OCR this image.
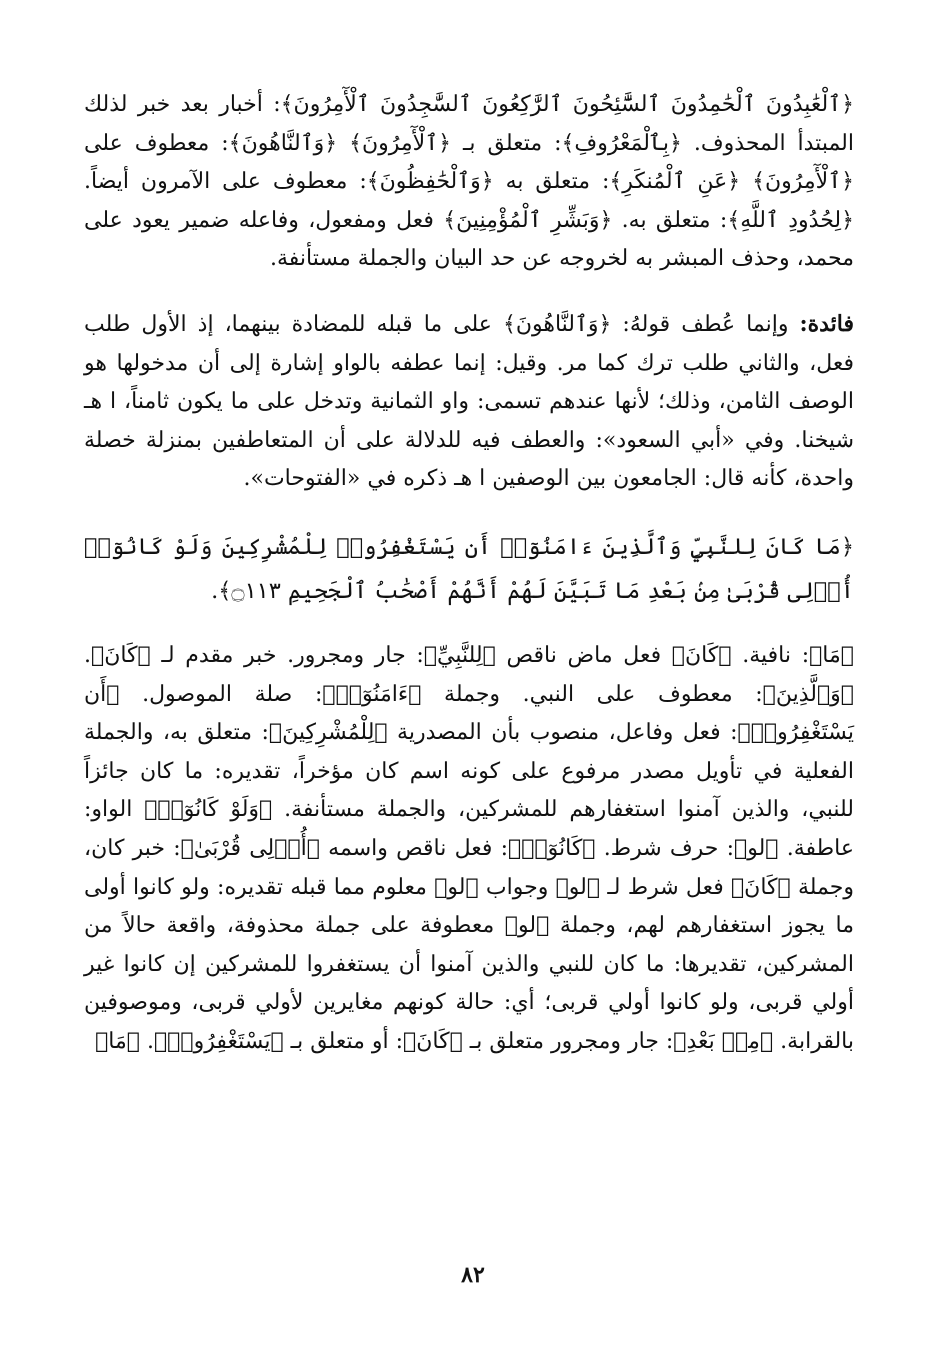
﴿ٱلْعَٰبِدُونَ ٱلْحَٰمِدُونَ ٱلسَّٰٓئِحُونَ ٱلرَّٰكِعُونَ ٱلسَّٰجِدُونَ ٱلْأٓمِرُونَ﴾: أخبار بعد خبر لذلك المبتدأ المحذوف. ﴿بِٱلْمَعْرُوفِ﴾: متعلق بـ ﴿ٱلْأٓمِرُونَ﴾ ﴿وَٱلنَّاهُونَ﴾: معطوف على ﴿ٱلْأٓمِرُونَ﴾ ﴿عَنِ ٱلْمُنكَرِ﴾: متعلق به ﴿وَٱلْحَٰفِظُونَ﴾: معطوف على الآمرون أيضاً. ﴿لِحُدُودِ ٱللَّهِ﴾: متعلق به. ﴿وَبَشِّرِ ٱلْمُؤْمِنِينَ﴾ فعل ومفعول، وفاعله ضمير يعود على محمد، وحذف المبشر به لخروجه عن حد البيان والجملة مستأنفة.

فائدة: وإنما عُطف قولهُ: ﴿وَٱلنَّاهُونَ﴾ على ما قبله للمضادة بينهما، إذ الأول طلب فعل، والثاني طلب ترك كما مر. وقيل: إنما عطفه بالواو إشارة إلى أن مدخولها هو الوصف الثامن، وذلك؛ لأنها عندهم تسمى: واو الثمانية وتدخل على ما يكون ثامناً، ا هـ شيخنا. وفي «أبي السعود»: والعطف فيه للدلالة على أن المتعاطفين بمنزلة خصلة واحدة، كأنه قال: الجامعون بين الوصفين ا هـ ذكره في «الفتوحات».

﴿مَا كَانَ لِلنَّبِيِّ وَٱلَّذِينَ ءَامَنُوٓا۟ أَن يَسْتَغْفِرُوا۟ لِلْمُشْرِكِينَ وَلَوْ كَانُوٓا۟ أُو۟لِى قُرْبَىٰ مِنۢ بَعْدِ مَا تَبَيَّنَ لَهُمْ أَنَّهُمْ أَصْحَٰبُ ٱلْجَحِيمِ ۝١١٣﴾.

﴿مَا﴾: نافية. ﴿كَانَ﴾ فعل ماض ناقص ﴿لِلنَّبِيِّ﴾: جار ومجرور. خبر مقدم لـ ﴿كَانَ﴾. ﴿وَٱلَّذِينَ﴾: معطوف على النبي. وجملة ﴿ءَامَنُوٓا۟﴾: صلة الموصول. ﴿أَن يَسْتَغْفِرُوا۟﴾: فعل وفاعل، منصوب بأن المصدرية ﴿لِلْمُشْرِكِينَ﴾: متعلق به، والجملة الفعلية في تأويل مصدر مرفوع على كونه اسم كان مؤخراً، تقديره: ما كان جائزاً للنبي، والذين آمنوا استغفارهم للمشركين، والجملة مستأنفة. ﴿وَلَوْ كَانُوٓا۟﴾ الواو: عاطفة. ﴿لو﴾: حرف شرط. ﴿كَانُوٓا۟﴾: فعل ناقص واسمه ﴿أُو۟لِى قُرْبَىٰ﴾: خبر كان، وجملة ﴿كَانَ﴾ فعل شرط لـ ﴿لو﴾ وجواب ﴿لو﴾ معلوم مما قبله تقديره: ولو كانوا أولى ما يجوز استغفارهم لهم، وجملة ﴿لو﴾ معطوفة على جملة محذوفة، واقعة حالاً من المشركين، تقديرها: ما كان للنبي والذين آمنوا أن يستغفروا للمشركين إن كانوا غير أولي قربى، ولو كانوا أولي قربى؛ أي: حالة كونهم مغايرين لأولي قربى، وموصوفين بالقرابة. ﴿مِنۢ بَعْدِ﴾: جار ومجرور متعلق بـ ﴿كَانَ﴾: أو متعلق بـ ﴿يَسْتَغْفِرُوا۟﴾. ﴿مَا﴾

٨٢
